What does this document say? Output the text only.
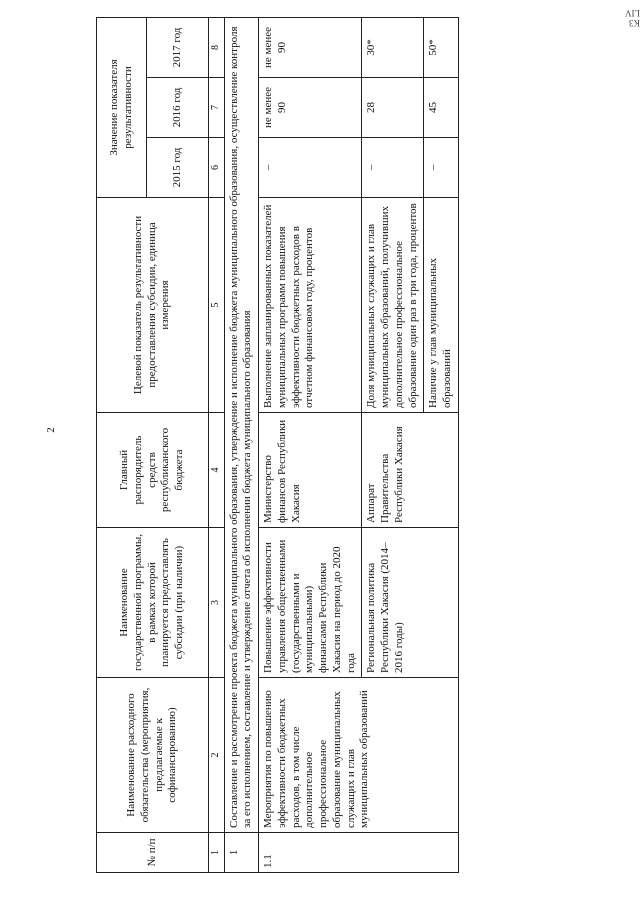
2
K3 LIV
№ п/п	Наименование расходного обязательства (мероприятия, предлагаемые к софинансированию)	Наименование государственной программы, в рамках которой планируется предоставлять субсидии (при наличии)	Главный распорядитель средств республиканского бюджета	Целевой показатель результативности предоставления субсидии, единица измерения	Значение показателя результативности		
					2015 год	2016 год	2017 год
1	2	3	4	5	6	7	8
1	Составление и рассмотрение проекта бюджета муниципального образования, утверждение и исполнение бюджета муниципального образования, осуществление контроля за его исполнением, составление и утверждение отчета об исполнении бюджета муниципального образования						
1.1	Мероприятия по повышению эффективности бюджетных расходов, в том числе дополнительное профессиональное образование муниципальных служащих и глав муниципальных образований	Повышение эффективности управления общественными (государственными и муниципальными) финансами Республики Хакасия на период до 2020 года	Министерство финансов Республики Хакасия	Выполнение запланированных показателей муниципальных программ повышения эффективности бюджетных расходов в отчетном финансовом году, процентов	–	не менее 90	не менее 90
		Региональная политика Республики Хакасия (2014–2016 годы)	Аппарат Правительства Республики Хакасия	Доля муниципальных служащих и глав муниципальных образований, получивших дополнительное профессиональное образование один раз в три года, процентов	–	28	30*
				Наличие у глав муниципальных образований	–	45	50*
